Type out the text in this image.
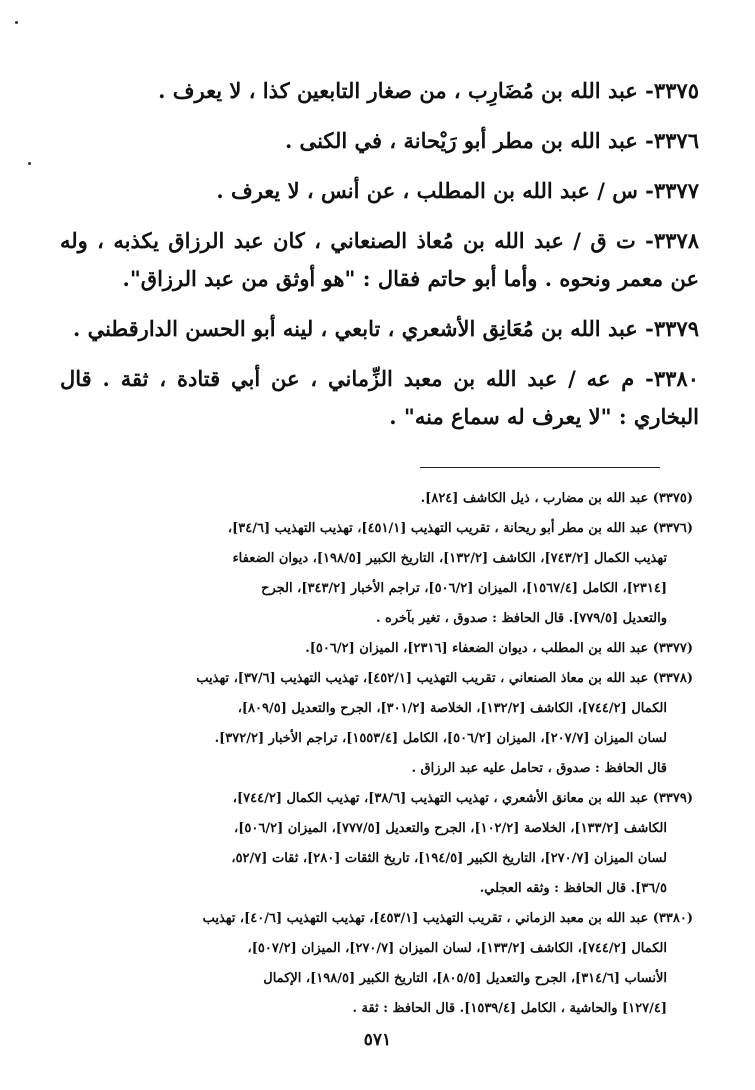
٣٣٧٥- عبد الله بن مُضَارِب ، من صغار التابعين كذا ، لا يعرف .

٣٣٧٦- عبد الله بن مطر أبو رَيْحانة ، في الكنى .

٣٣٧٧- س / عبد الله بن المطلب ، عن أنس ، لا يعرف .

٣٣٧٨- ت ق / عبد الله بن مُعاذ الصنعاني ، كان عبد الرزاق يكذبه ، وله عن معمر ونحوه . وأما أبو حاتم فقال : "هو أوثق من عبد الرزاق".

٣٣٧٩- عبد الله بن مُعَانِق الأشعري ، تابعي ، لينه أبو الحسن الدارقطني .

٣٣٨٠- م عه / عبد الله بن معبد الزِّماني ، عن أبي قتادة ، ثقة . قال البخاري : "لا يعرف له سماع منه" .

(٣٣٧٥) عبد الله بن مضارب ، ذيل الكاشف [٨٢٤].
(٣٣٧٦) عبد الله بن مطر أبو ريحانة ، تقريب التهذيب [٤٥١/١]، تهذيب التهذيب [٣٤/٦]،
تهذيب الكمال [٧٤٣/٢]، الكاشف [١٣٢/٢]، التاريخ الكبير [١٩٨/٥]، ديوان الضعفاء
[٢٣١٤]، الكامل [١٥٦٧/٤]، الميزان [٥٠٦/٢]، تراجم الأخبار [٣٤٣/٢]، الجرح
والتعديل [٧٧٩/٥]. قال الحافظ : صدوق ، تغير بآخره .
(٣٣٧٧) عبد الله بن المطلب ، ديوان الضعفاء [٢٣١٦]، الميزان [٥٠٦/٢].
(٣٣٧٨) عبد الله بن معاذ الصنعاني ، تقريب التهذيب [٤٥٢/١]، تهذيب التهذيب [٣٧/٦]، تهذيب
الكمال [٧٤٤/٢]، الكاشف [١٣٢/٢]، الخلاصة [٣٠١/٢]، الجرح والتعديل [٨٠٩/٥]،
لسان الميزان [٢٠٧/٧]، الميزان [٥٠٦/٢]، الكامل [١٥٥٣/٤]، تراجم الأخبار [٣٧٢/٢].
قال الحافظ : صدوق ، تحامل عليه عبد الرزاق .
(٣٣٧٩) عبد الله بن معانق الأشعري ، تهذيب التهذيب [٣٨/٦]، تهذيب الكمال [٧٤٤/٢]،
الكاشف [١٣٣/٢]، الخلاصة [١٠٢/٢]، الجرح والتعديل [٧٧٧/٥]، الميزان [٥٠٦/٢]،
لسان الميزان [٢٧٠/٧]، التاريخ الكبير [١٩٤/٥]، تاريخ الثقات [٢٨٠]، ثقات [٥٢/٧،
٣٦/٥]. قال الحافظ : وثقه العجلي.
(٣٣٨٠) عبد الله بن معبد الزماني ، تقريب التهذيب [٤٥٣/١]، تهذيب التهذيب [٤٠/٦]، تهذيب
الكمال [٧٤٤/٢]، الكاشف [١٣٣/٢]، لسان الميزان [٢٧٠/٧]، الميزان [٥٠٧/٢]،
الأنساب [٣١٤/٦]، الجرح والتعديل [٨٠٥/٥]، التاريخ الكبير [١٩٨/٥]، الإكمال
[١٢٧/٤] والحاشية ، الكامل [١٥٣٩/٤]. قال الحافظ : ثقة .
٥٧١
